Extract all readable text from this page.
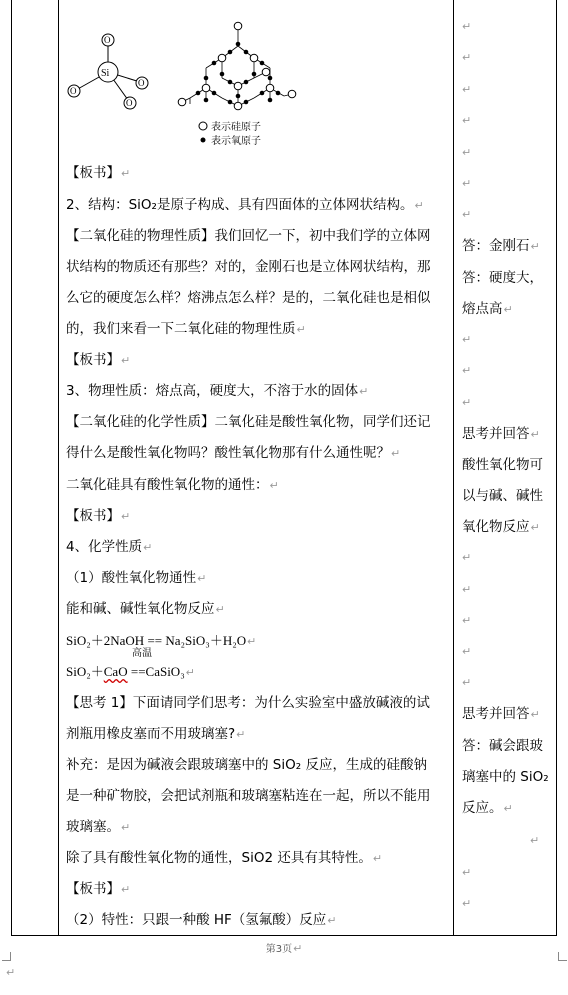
Si
O
O
O
O
表示硅原子
表示氧原子
【板书】↵
2、结构：SiO₂是原子构成、具有四面体的立体网状结构。↵
【二氧化硅的物理性质】我们回忆一下，初中我们学的立体网
状结构的物质还有那些？对的，金刚石也是立体网状结构，那
么它的硬度怎么样？熔沸点怎么样？是的，二氧化硅也是相似
的，我们来看一下二氧化硅的物理性质↵
【板书】↵
3、物理性质：熔点高，硬度大，不溶于水的固体↵
【二氧化硅的化学性质】二氧化硅是酸性氧化物，同学们还记
得什么是酸性氧化物吗？酸性氧化物那有什么通性呢？↵
二氧化硅具有酸性氧化物的通性：↵
【板书】↵
4、化学性质↵
（1）酸性氧化物通性↵
能和碱、碱性氧化物反应↵
SiO₂＋2NaOH == Na₂SiO₃＋H₂O↵
高温
SiO₂＋CaO ==CaSiO₃↵
【思考 1】下面请同学们思考：为什么实验室中盛放碱液的试
剂瓶用橡皮塞而不用玻璃塞?↵
补充：是因为碱液会跟玻璃塞中的 SiO₂ 反应，生成的硅酸钠
是一种矿物胶，会把试剂瓶和玻璃塞粘连在一起，所以不能用
玻璃塞。↵
除了具有酸性氧化物的通性，SiO2 还具有其特性。↵
【板书】↵
（2）特性：只跟一种酸 HF（氢氟酸）反应↵
↵
↵
↵
↵
↵
↵
↵
↵
↵
↵
↵
↵
↵
↵
↵
↵
↵
↵
答：金刚石↵
答：硬度大，
熔点高↵
思考并回答↵
酸性氧化物可
以与碱、碱性
氧化物反应↵
思考并回答↵
答：碱会跟玻
璃塞中的 SiO₂
反应。↵
第3页↵
↵
